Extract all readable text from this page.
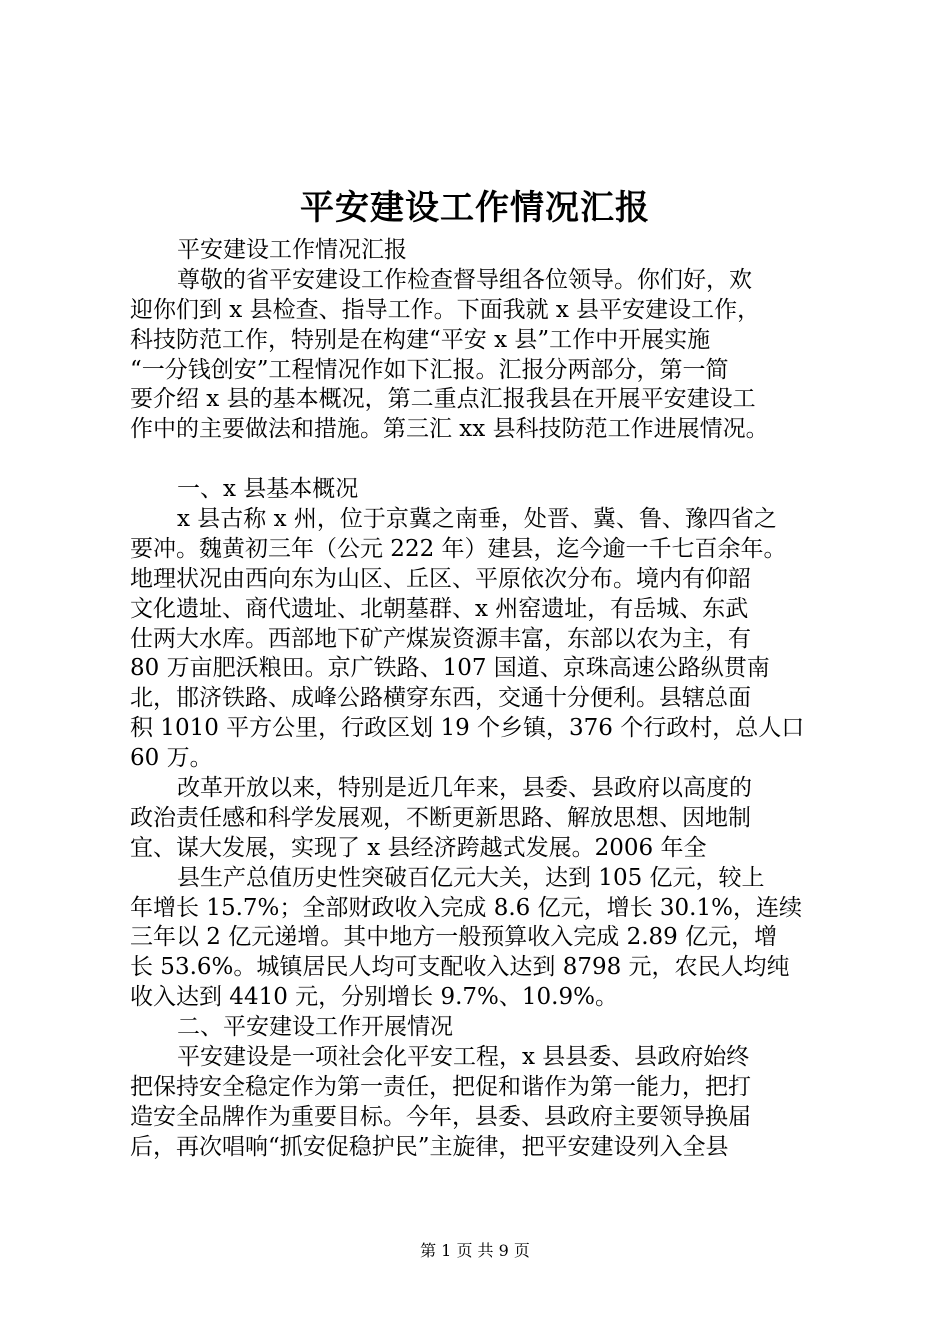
平安建设工作情况汇报
平安建设工作情况汇报
尊敬的省平安建设工作检查督导组各位领导。你们好，欢
迎你们到 x 县检查、指导工作。下面我就 x 县平安建设工作，
科技防范工作，特别是在构建“平安 x 县”工作中开展实施
“一分钱创安”工程情况作如下汇报。汇报分两部分，第一简
要介绍 x 县的基本概况，第二重点汇报我县在开展平安建设工
作中的主要做法和措施。第三汇 xx 县科技防范工作进展情况。
一、x 县基本概况
x 县古称 x 州，位于京冀之南垂，处晋、冀、鲁、豫四省之
要冲。魏黄初三年（公元 222 年）建县，迄今逾一千七百余年。
地理状况由西向东为山区、丘区、平原依次分布。境内有仰韶
文化遗址、商代遗址、北朝墓群、x 州窑遗址，有岳城、东武
仕两大水库。西部地下矿产煤炭资源丰富，东部以农为主，有
80 万亩肥沃粮田。京广铁路、107 国道、京珠高速公路纵贯南
北，邯济铁路、成峰公路横穿东西，交通十分便利。县辖总面
积 1010 平方公里，行政区划 19 个乡镇，376 个行政村，总人口
60 万。
改革开放以来，特别是近几年来，县委、县政府以高度的
政治责任感和科学发展观，不断更新思路、解放思想、因地制
宜、谋大发展，实现了 x 县经济跨越式发展。2006 年全
县生产总值历史性突破百亿元大关，达到 105 亿元，较上
年增长 15.7%；全部财政收入完成 8.6 亿元，增长 30.1%，连续
三年以 2 亿元递增。其中地方一般预算收入完成 2.89 亿元，增
长 53.6%。城镇居民人均可支配收入达到 8798 元，农民人均纯
收入达到 4410 元，分别增长 9.7%、10.9%。
二、平安建设工作开展情况
平安建设是一项社会化平安工程，x 县县委、县政府始终
把保持安全稳定作为第一责任，把促和谐作为第一能力，把打
造安全品牌作为重要目标。今年，县委、县政府主要领导换届
后，再次唱响“抓安促稳护民”主旋律，把平安建设列入全县
第 1 页 共 9 页
